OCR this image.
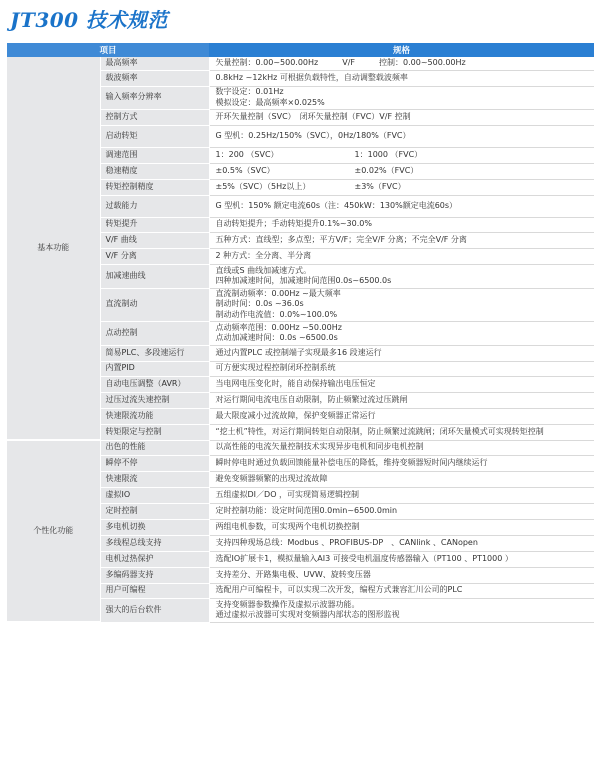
JT300 技术规范
项目		规格
基本功能	最高频率	矢量控制：0.00~500.00Hz　　　V/F　　　控制：0.00~500.00Hz

	载波频率	0.8kHz ~12kHz 可根据负载特性，自动调整载波频率

	输入频率分辨率	数字设定：0.01Hz
模拟设定：最高频率×0.025%

	控制方式	开环矢量控制（SVC）　闭环矢量控制（FVC）V/F 控制

	启动转矩	G 型机：0.25Hz/150%（SVC），0Hz/180%（FVC）

	调速范围	1：200 （SVC） 1：1000 （FVC）

	稳速精度	±0.5%（SVC） ±0.02%（FVC）

	转矩控制精度	±5%（SVC）（5Hz以上） ±3%（FVC）

	过载能力	G 型机：150% 额定电流60s（注：450kW：130%额定电流60s）

	转矩提升	自动转矩提升；手动转矩提升0.1%~30.0%

	V/F 曲线	五种方式：直线型；多点型；平方V/F；完全V/F 分离；不完全V/F 分离

	V/F 分离	2 种方式：全分离、半分离

	加减速曲线	直线或S 曲线加减速方式。
四种加减速时间，加减速时间范围0.0s~6500.0s

	直流制动	直流制动频率：0.00Hz ~最大频率
制动时间：0.0s ~36.0s
制动动作电流值：0.0%~100.0%

	点动控制	点动频率范围：0.00Hz ~50.00Hz
点动加减速时间：0.0s ~6500.0s

	简易PLC、多段速运行	通过内置PLC 或控制端子实现最多16 段速运行

	内置PID	可方便实现过程控制闭环控制系统

	自动电压调整（AVR）	当电网电压变化时，能自动保持输出电压恒定

	过压过流失速控制	对运行期间电流电压自动限制，防止频繁过流过压跳闸

	快速限流功能	最大限度减小过流故障，保护变频器正常运行

	转矩限定与控制	“挖土机”特性，对运行期间转矩自动限制，防止频繁过流跳闸；闭环矢量模式可实现转矩控制

个性化功能	出色的性能	以高性能的电流矢量控制技术实现异步电机和同步电机控制

	瞬停不停	瞬时停电时通过负载回馈能量补偿电压的降低，维持变频器短时间内继续运行

	快速限流	避免变频器频繁的出现过流故障

	虚拟IO	五组虚拟DI／DO ，可实现简易逻辑控制

	定时控制	定时控制功能：设定时间范围0.0min~6500.0min

	多电机切换	两组电机参数，可实现两个电机切换控制

	多线程总线支持	支持四种现场总线：Modbus 、PROFIBUS-DP　、CANlink 、CANopen

	电机过热保护	选配IO扩展卡1，模拟量输入AI3 可接受电机温度传感器输入（PT100 、PT1000 ）

	多编码器支持	支持差分、开路集电极、UVW、旋转变压器

	用户可编程	选配用户可编程卡，可以实现二次开发，编程方式兼容汇川公司的PLC

	强大的后台软件	支持变频器参数操作及虚拟示波器功能。
通过虚拟示波器可实现对变频器内部状态的图形监视
